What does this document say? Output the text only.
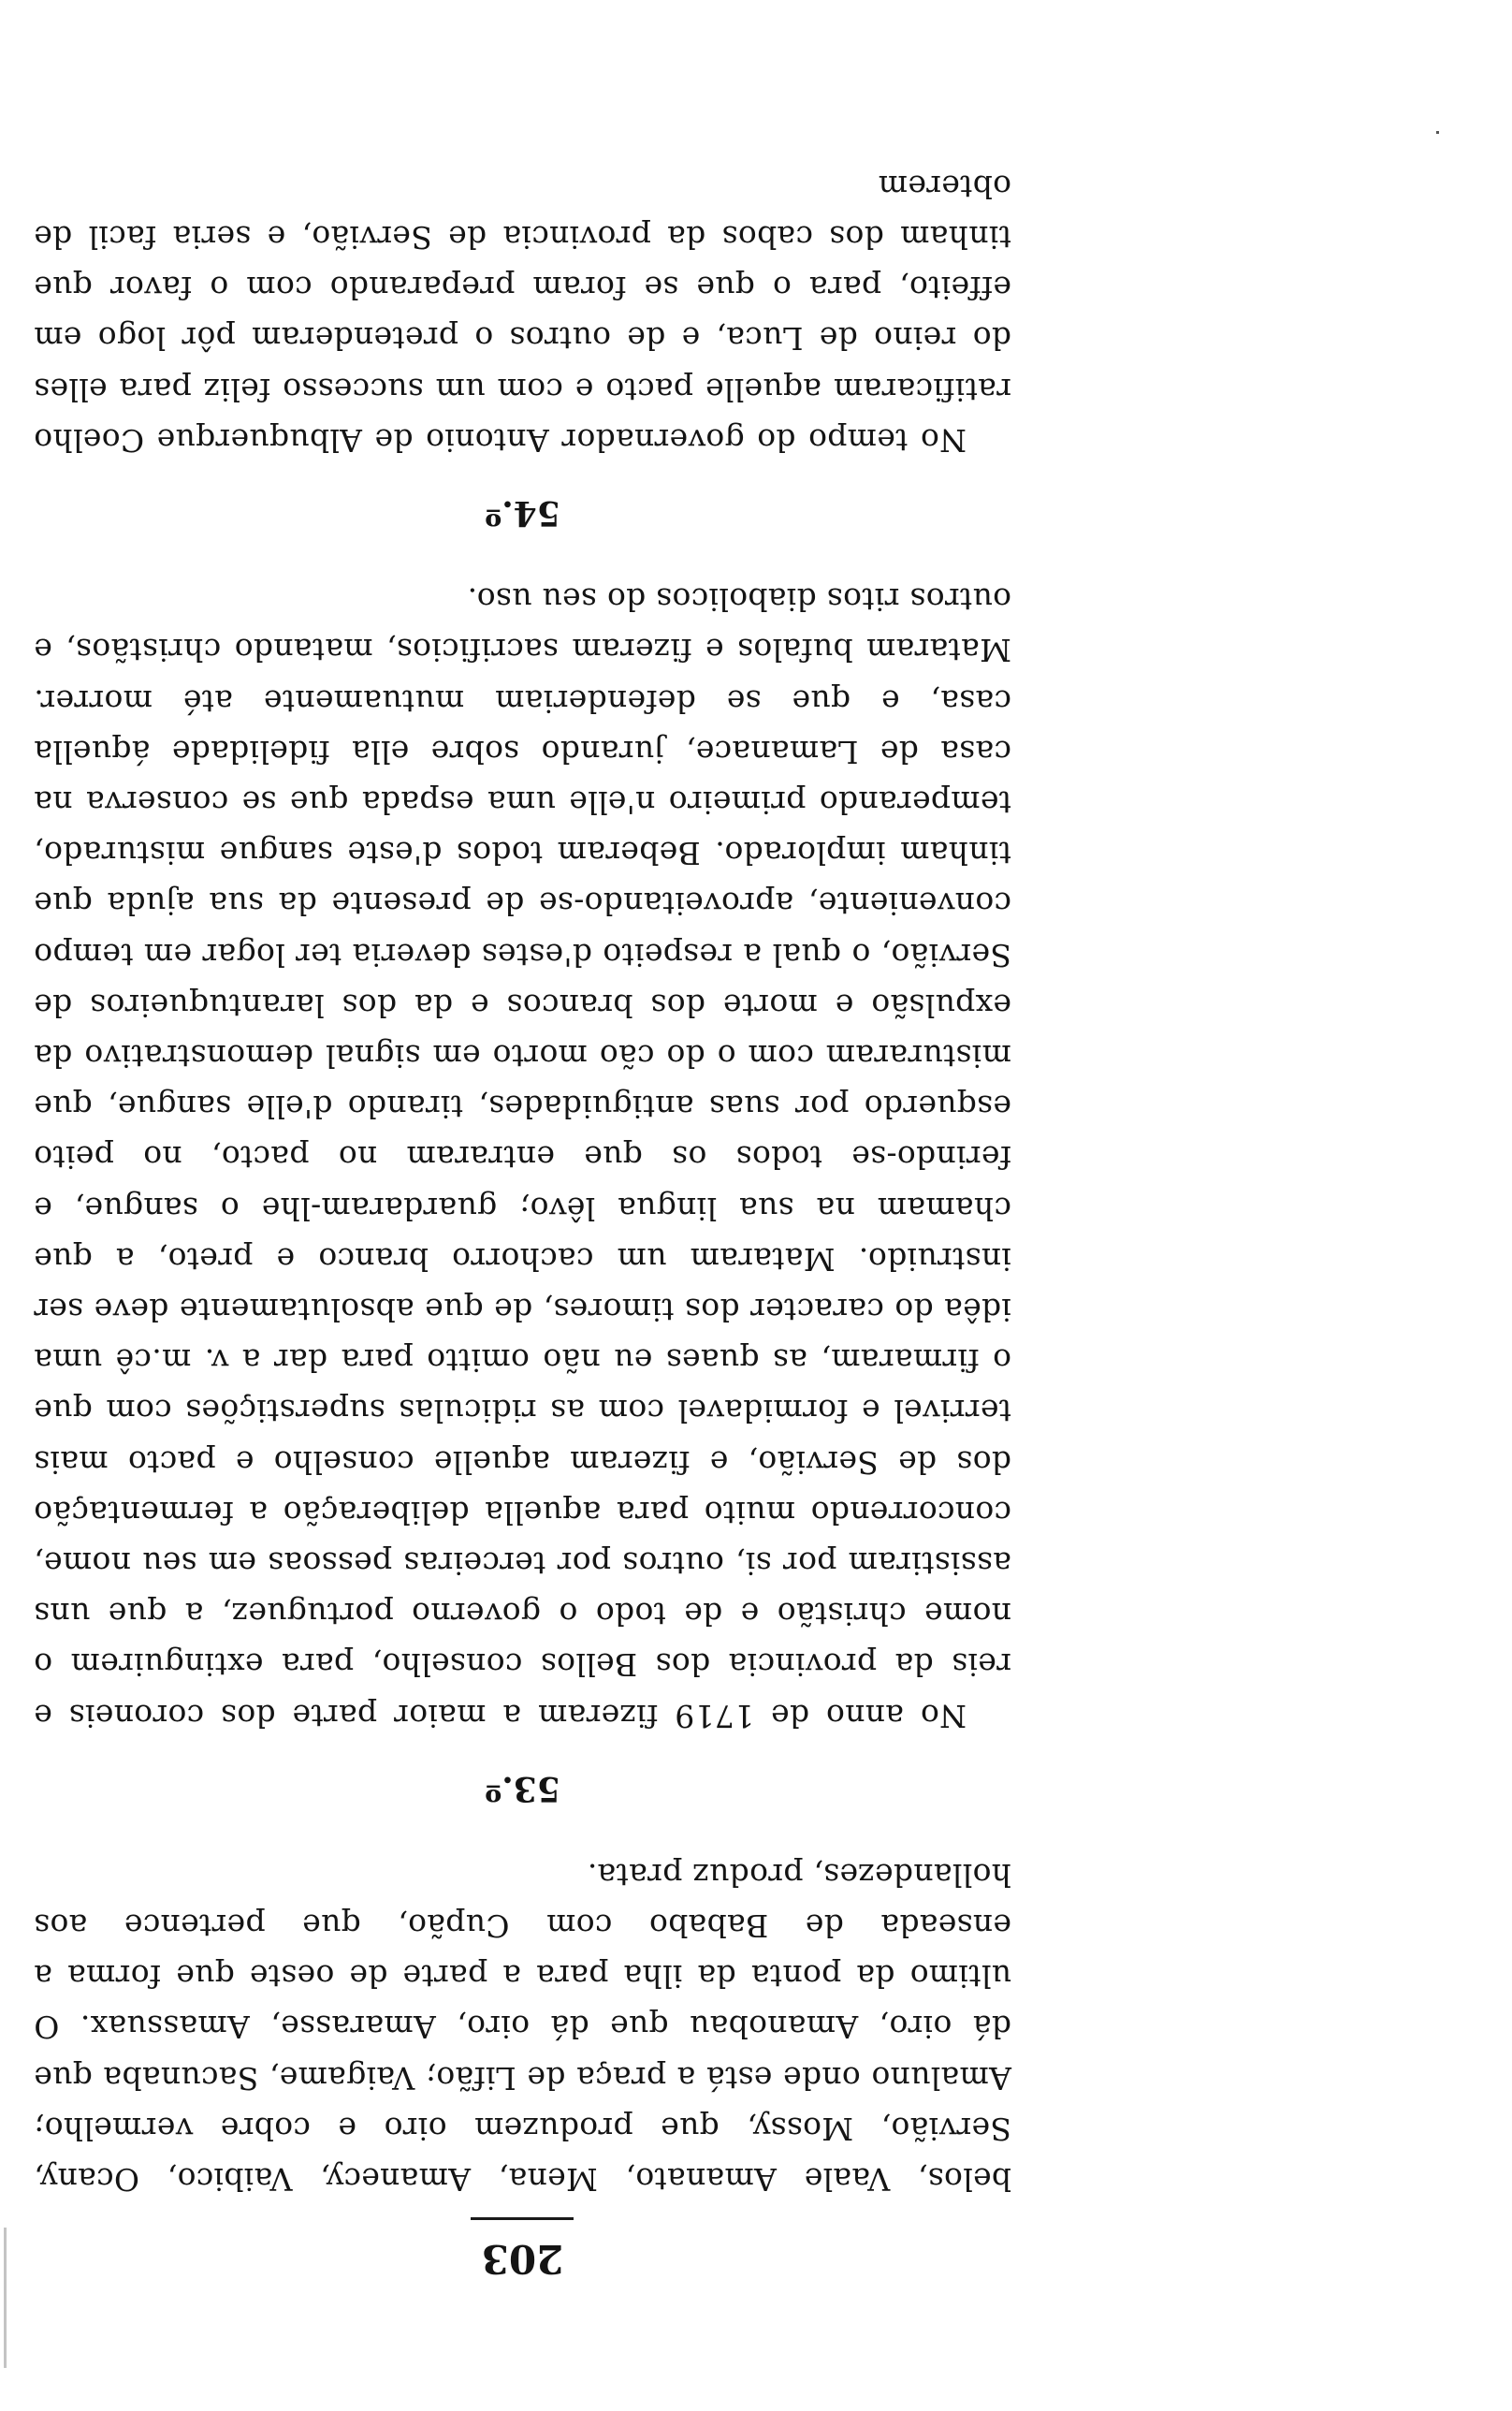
203

belos, Vaale Amanato, Mena, Amanecy, Vaibico, Ocany, Servião, Mossy, que produzem oiro e cobre vermelho; Amaluno onde está a praça de Lifão; Vaigame, Sacunaba que dá oiro, Amanobau que dá oiro, Amarasse, Amassuax. O ultimo da ponta da ilha para a parte de oeste que forma a enseada de Bababo com Cupão, que pertence aos hollandezes, produz prata.

53.º

No anno de 1719 fizeram a maior parte dos coroneis e reis da provincia dos Bellos conselho, para extinguirem o nome christão e de todo o governo portuguez, a que uns assistiram por si, outros por terceiras pessoas em seu nome, concorrendo muito para aquella deliberação a fermentação dos de Servião, e fizeram aquelle conselho e pacto mais terrivel e formidavel com as ridiculas superstições com que o firmaram, as quaes eu não omitto para dar a v. m.cê uma idêa do caracter dos timores, de que absolutamente deve ser instruido. Mataram um cachorro branco e preto, a que chamam na sua lingua lêvo; guardaram-lhe o sangue, e ferindo-se todos os que entraram no pacto, no peito esquerdo por suas antiguidades, tirando d'elle sangue, que misturaram com o do cão morto em signal demonstrativo da expulsão e morte dos brancos e da dos larantuqueiros de Servião, o qual a respeito d'estes deveria ter logar em tempo conveniente, aproveitando-se de presente da sua ajuda que tinham implorado. Beberam todos d'este sangue misturado, temperando primeiro n'elle uma espada que se conserva na casa de Lamanace, jurando sobre ella fidelidade áquella casa, e que se defenderiam mutuamente até morrer. Mataram bufalos e fizeram sacrificios, matando christãos, e outros ritos diabolicos do seu uso.

54.º

No tempo do governador Antonio de Albuquerque Coelho ratificaram aquelle pacto e com um successo feliz para elles do reino de Luca, e de outros o pretenderam pôr logo em effeito, para o que se foram preparando com o favor que tinham dos cabos da provincia de Servião, e seria facil de obterem
